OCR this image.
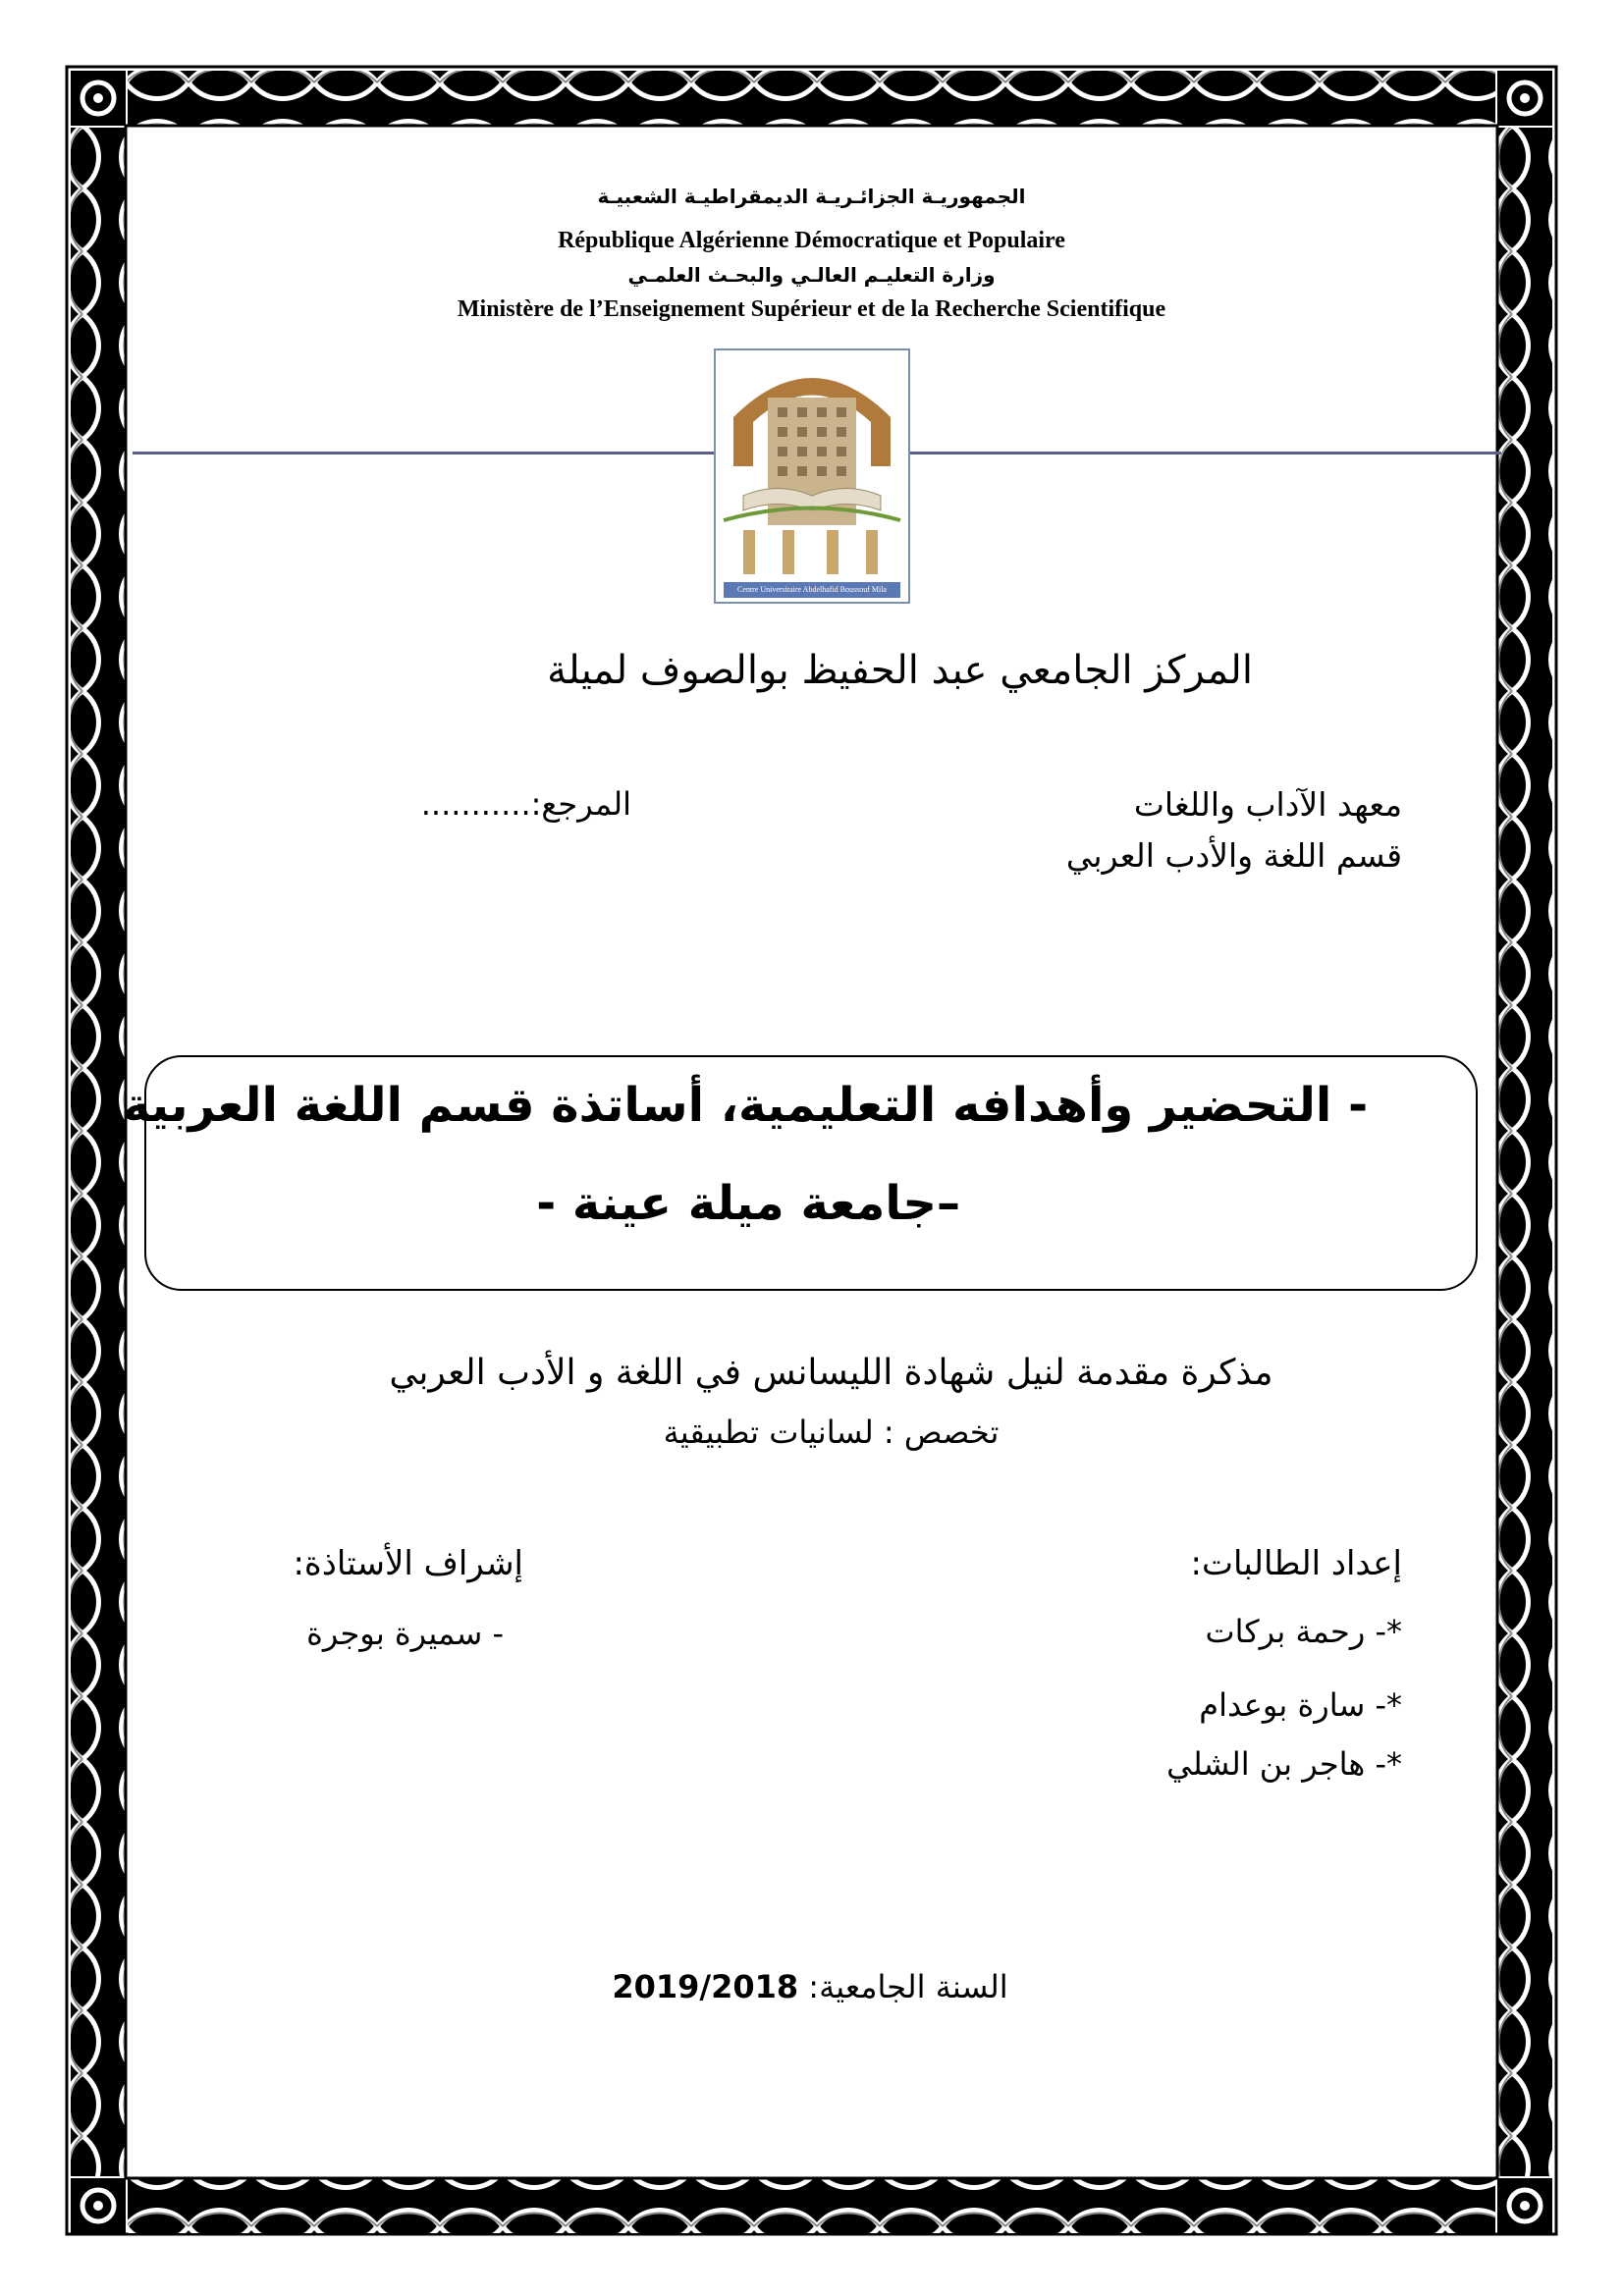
الجمهوريـة الجزائـريـة الديمقراطيـة الشعبيـة
République Algérienne Démocratique et Populaire
وزارة التعليـم العالـي والبحـث العلمـي
Ministère de l’Enseignement Supérieur et de la Recherche Scientifique
Centre Universitaire Abdelhafid Boussouf Mila
المركز الجامعي عبد الحفيظ بوالصوف لميلة
معهد الآداب واللغات
قسم اللغة والأدب العربي
المرجع:...........
- التحضير وأهدافه التعليمية، أساتذة قسم اللغة العربية
–جامعة ميلة عينة -
مذكرة مقدمة لنيل شهادة الليسانس في اللغة و الأدب العربي
تخصص : لسانيات تطبيقية
إعداد الطالبات:
*- رحمة بركات
*- سارة بوعدام
*- هاجر بن الشلي
إشراف الأستاذة:
- سميرة بوجرة
السنة الجامعية: 2019/2018
